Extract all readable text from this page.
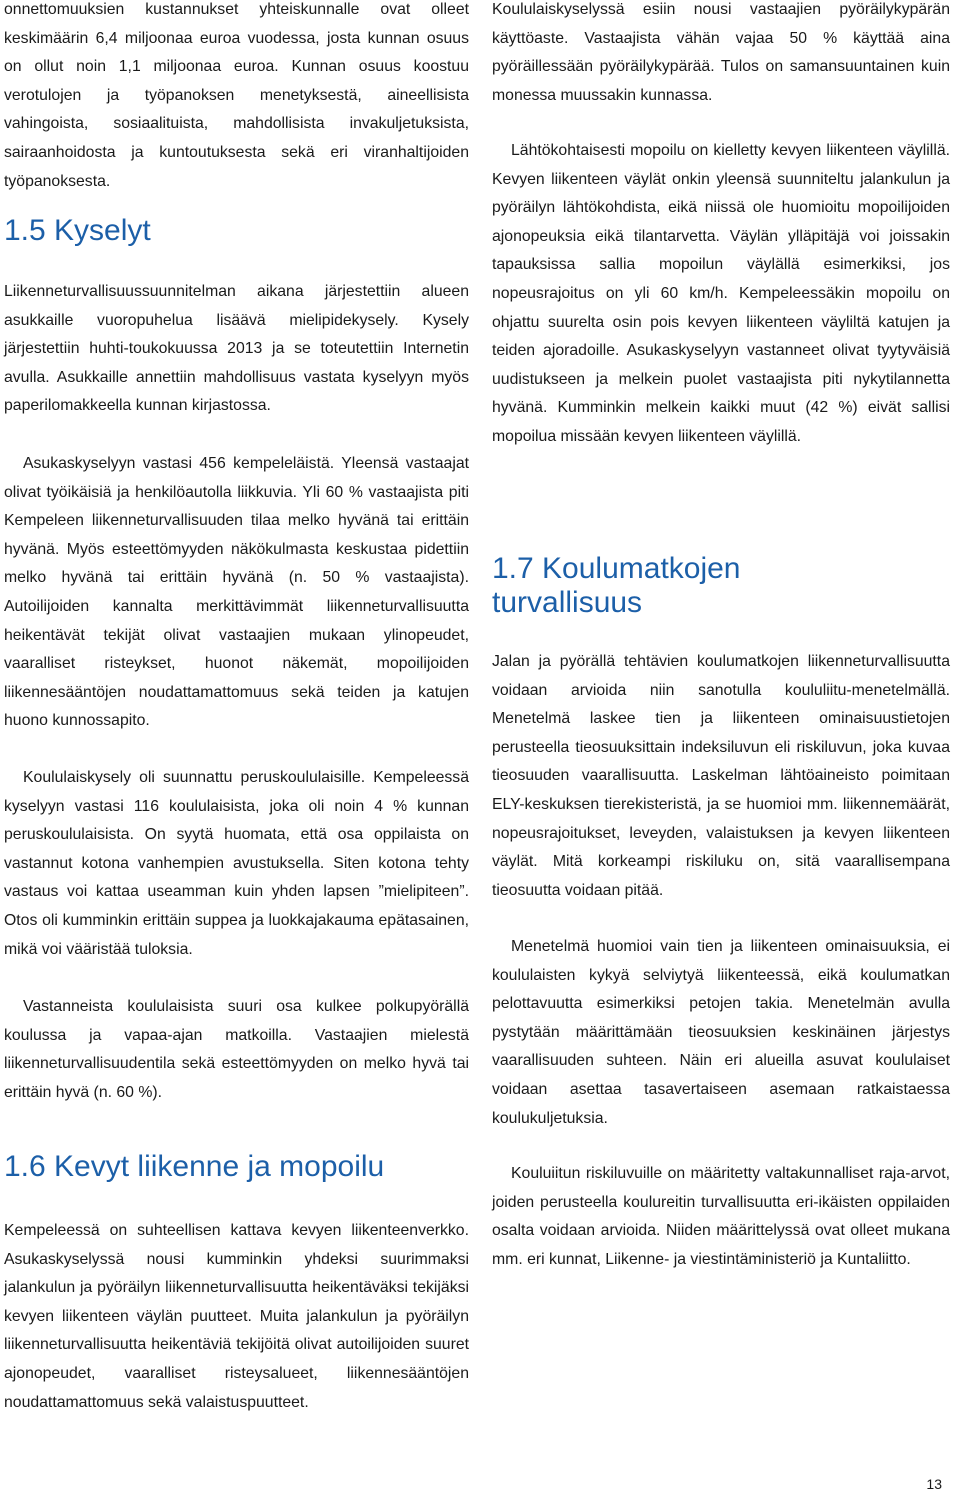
onnettomuuksien kustannukset yhteiskunnalle ovat olleet keskimäärin 6,4 miljoonaa euroa vuodessa, josta kunnan osuus on ollut noin 1,1 miljoonaa euroa. Kunnan osuus koostuu verotulojen ja työpanoksen menetyksestä, aineellisista vahingoista, sosiaalituista, mahdollisista invakuljetuksista, sairaanhoidosta ja kuntoutuksesta sekä eri viranhaltijoiden työpanoksesta.

1.5 Kyselyt

Liikenneturvallisuussuunnitelman aikana järjestettiin alueen asukkaille vuoropuhelua lisäävä mielipidekysely. Kysely järjestettiin huhti-toukokuussa 2013 ja se toteutettiin Internetin avulla. Asukkaille annettiin mahdollisuus vastata kyselyyn myös paperilomakkeella kunnan kirjastossa.

Asukaskyselyyn vastasi 456 kempeleläistä. Yleensä vastaajat olivat työikäisiä ja henkilöautolla liikkuvia. Yli 60 % vastaajista piti Kempeleen liikenneturvallisuuden tilaa melko hyvänä tai erittäin hyvänä. Myös esteettömyyden näkökulmasta keskustaa pidettiin melko hyvänä tai erittäin hyvänä (n. 50 % vastaajista). Autoilijoiden kannalta merkittävimmät liikenneturvallisuutta heikentävät tekijät olivat vastaajien mukaan ylinopeudet, vaaralliset risteykset, huonot näkemät, mopoilijoiden liikennesääntöjen noudattamattomuus sekä teiden ja katujen huono kunnossapito.

Koululaiskysely oli suunnattu peruskoululaisille. Kempeleessä kyselyyn vastasi 116 koululaisista, joka oli noin 4 % kunnan peruskoululaisista. On syytä huomata, että osa oppilaista on vastannut kotona vanhempien avustuksella. Siten kotona tehty vastaus voi kattaa useamman kuin yhden lapsen ”mielipiteen”. Otos oli kumminkin erittäin suppea ja luokkajakauma epätasainen, mikä voi vääristää tuloksia.

Vastanneista koululaisista suuri osa kulkee polkupyörällä koulussa ja vapaa-ajan matkoilla. Vastaajien mielestä liikenneturvallisuudentila sekä esteettömyyden on melko hyvä tai erittäin hyvä (n. 60 %).

1.6 Kevyt liikenne ja mopoilu

Kempeleessä on suhteellisen kattava kevyen liikenteenverkko. Asukaskyselyssä nousi kumminkin yhdeksi suurimmaksi jalankulun ja pyöräilyn liikenneturvallisuutta heikentäväksi tekijäksi kevyen liikenteen väylän puutteet. Muita jalankulun ja pyöräilyn liikenneturvallisuutta heikentäviä tekijöitä olivat autoilijoiden suuret ajonopeudet, vaaralliset risteysalueet, liikennesääntöjen noudattamattomuus sekä valaistuspuutteet.

Koululaiskyselyssä esiin nousi vastaajien pyöräilykypärän käyttöaste. Vastaajista vähän vajaa 50 % käyttää aina pyöräillessään pyöräilykypärää. Tulos on samansuuntainen kuin monessa muussakin kunnassa.

Lähtökohtaisesti mopoilu on kielletty kevyen liikenteen väylillä. Kevyen liikenteen väylät onkin yleensä suunniteltu jalankulun ja pyöräilyn lähtökohdista, eikä niissä ole huomioitu mopoilijoiden ajonopeuksia eikä tilantarvetta. Väylän ylläpitäjä voi joissakin tapauksissa sallia mopoilun väylällä esimerkiksi, jos nopeusrajoitus on yli 60 km/h. Kempeleessäkin mopoilu on ohjattu suurelta osin pois kevyen liikenteen väyliltä katujen ja teiden ajoradoille. Asukaskyselyyn vastanneet olivat tyytyväisiä uudistukseen ja melkein puolet vastaajista piti nykytilannetta hyvänä. Kumminkin melkein kaikki muut (42 %) eivät sallisi mopoilua missään kevyen liikenteen väylillä.

1.7 Koulumatkojen turvallisuus

Jalan ja pyörällä tehtävien koulumatkojen liikenneturvallisuutta voidaan arvioida niin sanotulla koululiitu-menetelmällä. Menetelmä laskee tien ja liikenteen ominaisuustietojen perusteella tieosuuksittain indeksiluvun eli riskiluvun, joka kuvaa tieosuuden vaarallisuutta. Laskelman lähtöaineisto poimitaan ELY-keskuksen tierekisteristä, ja se huomioi mm. liikennemäärät, nopeusrajoitukset, leveyden, valaistuksen ja kevyen liikenteen väylät. Mitä korkeampi riskiluku on, sitä vaarallisempana tieosuutta voidaan pitää.

Menetelmä huomioi vain tien ja liikenteen ominaisuuksia, ei koululaisten kykyä selviytyä liikenteessä, eikä koulumatkan pelottavuutta esimerkiksi petojen takia. Menetelmän avulla pystytään määrittämään tieosuuksien keskinäinen järjestys vaarallisuuden suhteen. Näin eri alueilla asuvat koululaiset voidaan asettaa tasavertaiseen asemaan ratkaistaessa koulukuljetuksia.

Kouluiitun riskiluvuille on määritetty valtakunnalliset raja-arvot, joiden perusteella koulureitin turvallisuutta eri-ikäisten oppilaiden osalta voidaan arvioida. Niiden määrittelyssä ovat olleet mukana mm. eri kunnat, Liikenne- ja viestintäministeriö ja Kuntaliitto.

13
